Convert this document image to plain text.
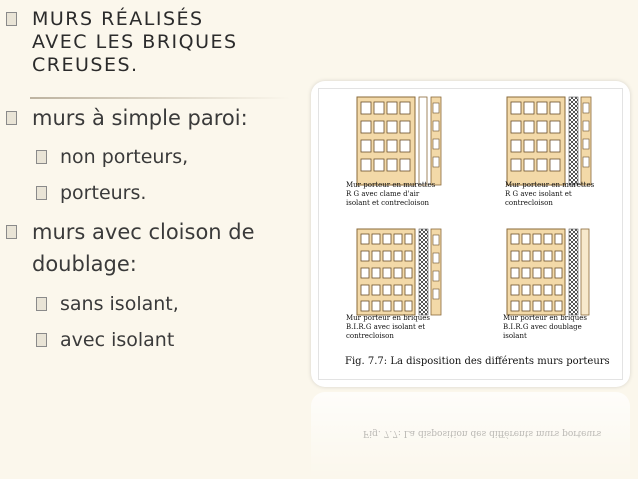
MURS RÉALISÉS
AVEC LES BRIQUES
CREUSES.
murs à simple paroi:
non porteurs,
porteurs.
murs avec cloison de
doublage:
sans isolant,
avec isolant
Mur porteur en murettes
R G avec clame d'air
isolant et contrecloison
Mur porteur en murettes
R G avec isolant et
contrecloison
Mur porteur en briques
B.I.R.G avec isolant et
contrecloison
Mur porteur en briques
B.I.R.G avec doublage
isolant
Fig. 7.7: La disposition des différents murs porteurs
Fig. 7.7: La disposition des différents murs porteurs
